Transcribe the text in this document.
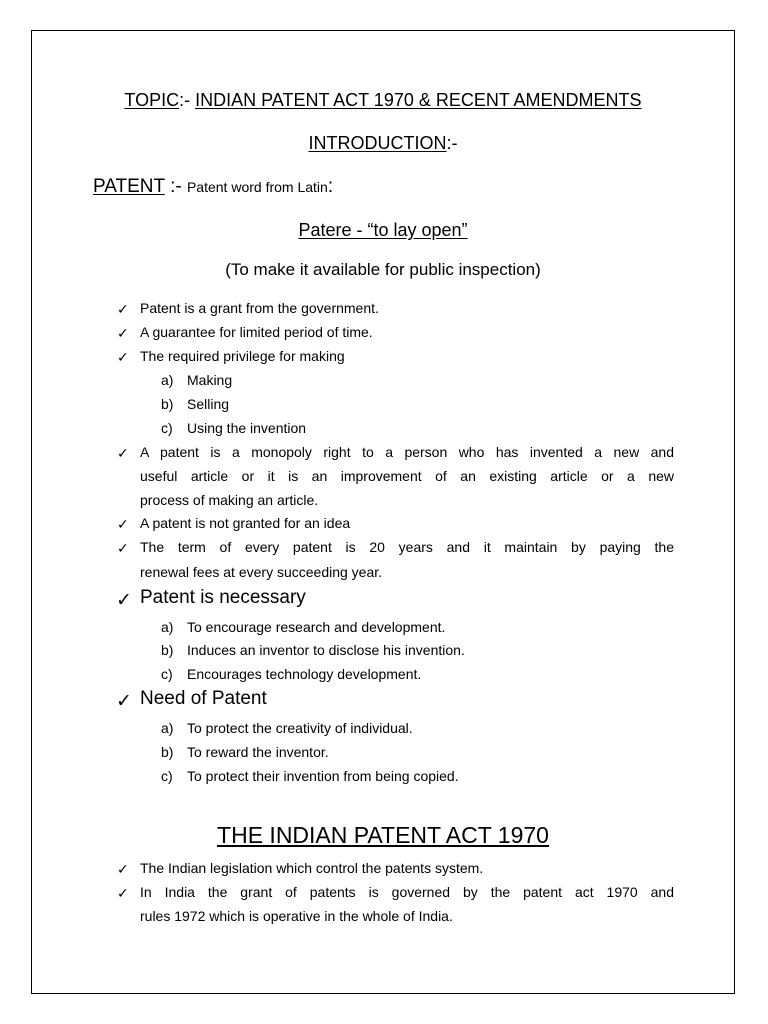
TOPIC:- INDIAN PATENT ACT 1970 & RECENT AMENDMENTS
INTRODUCTION:-
PATENT :- Patent word from Latin:
Patere - “to lay open”
(To make it available for public inspection)
✓ Patent is a grant from the government.
✓ A guarantee for limited period of time.
✓ The required privilege for making
a) Making
b) Selling
c) Using the invention
✓ A patent is a monopoly right to a person who has invented a new and
useful article or it is an improvement of an existing article or a new
process of making an article.
✓ A patent is not granted for an idea
✓ The term of every patent is 20 years and it maintain by paying the
renewal fees at every succeeding year.
✓ Patent is necessary
a) To encourage research and development.
b) Induces an inventor to disclose his invention.
c) Encourages technology development.
✓ Need of Patent
a) To protect the creativity of individual.
b) To reward the inventor.
c) To protect their invention from being copied.
THE INDIAN PATENT ACT 1970
✓ The Indian legislation which control the patents system.
✓ In India the grant of patents is governed by the patent act 1970 and
rules 1972 which is operative in the whole of India.
